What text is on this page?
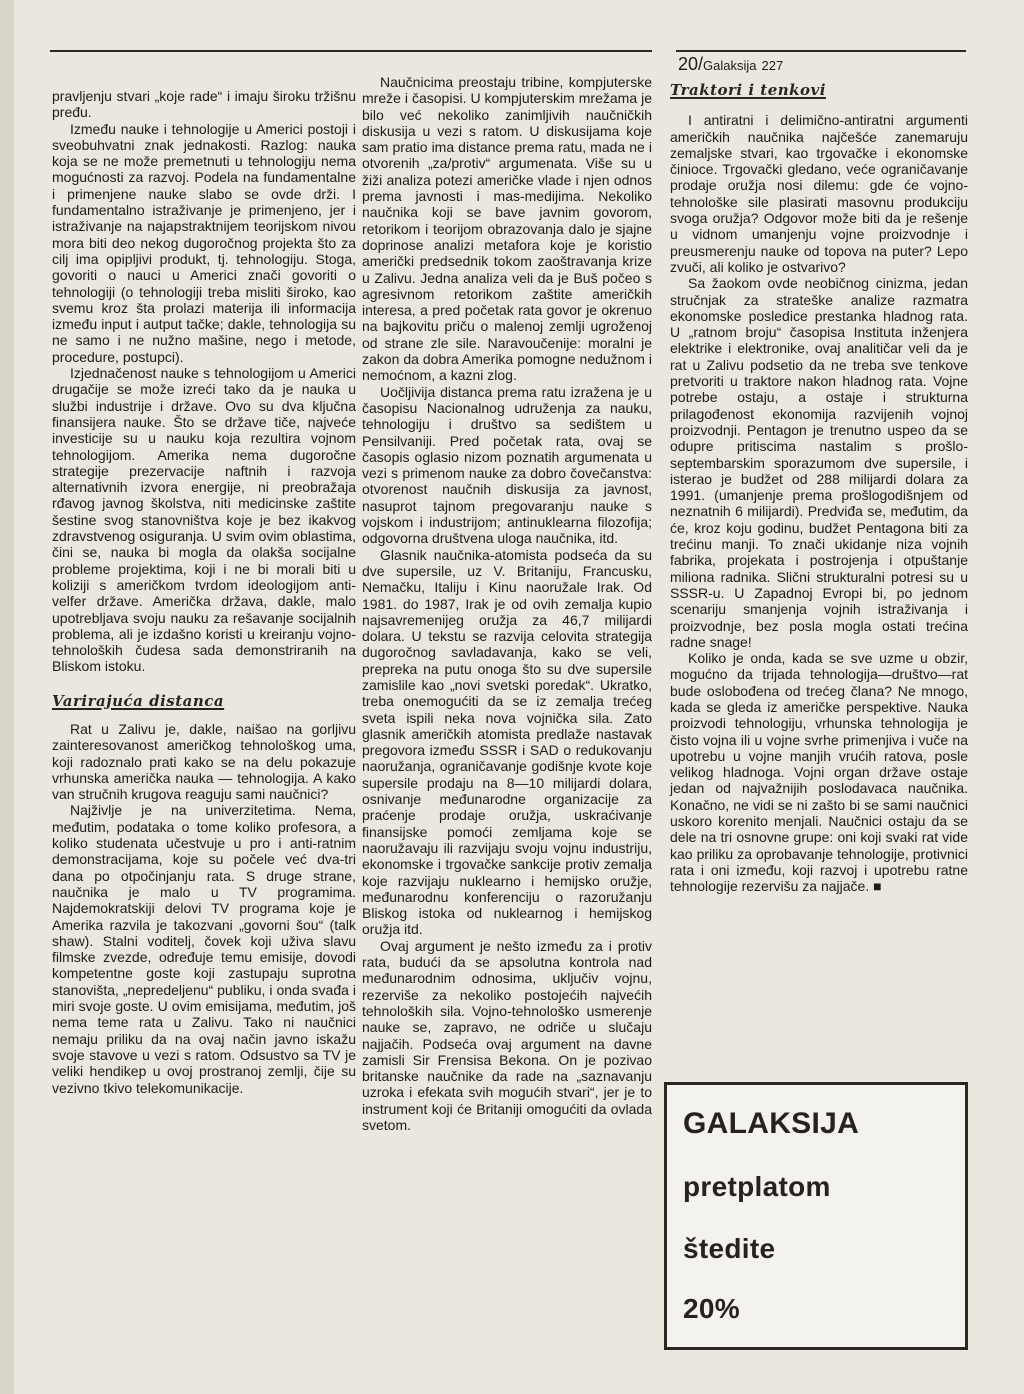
20/Galaksija 227

pravljenju stvari „koje rade“ i imaju široku tržišnu pređu.

Između nauke i tehnologije u Americi postoji i sveobuhvatni znak jednakosti. Razlog: nauka koja se ne može premetnuti u tehnologiju nema mogućnosti za razvoj. Podela na fundamentalne i primenjene nauke slabo se ovde drži. I fundamentalno istraživanje je primenjeno, jer i istraživanje na najapstraktnijem teorijskom nivou mora biti deo nekog dugoročnog projekta što za cilj ima opipljivi produkt, tj. tehnologiju. Stoga, govoriti o nauci u Americi znači govoriti o tehnologiji (o tehnologiji treba misliti široko, kao svemu kroz šta prolazi materija ili informacija između input i autput tačke; dakle, tehnologija su ne samo i ne nužno mašine, nego i metode, procedure, postupci).

Izjednačenost nauke s tehnologijom u Americi drugačije se može izreći tako da je nauka u službi industrije i države. Ovo su dva ključna finansijera nauke. Što se države tiče, najveće investicije su u nauku koja rezultira vojnom tehnologijom. Amerika nema dugoročne strategije prezervacije naftnih i razvoja alternativnih izvora energije, ni preobražaja rđavog javnog školstva, niti medicinske zaštite šestine svog stanovništva koje je bez ikakvog zdravstvenog osiguranja. U svim ovim oblastima, čini se, nauka bi mogla da olakša socijalne probleme projektima, koji i ne bi morali biti u koliziji s američkom tvrdom ideologijom anti-velfer države. Američka država, dakle, malo upotrebljava svoju nauku za rešavanje socijalnih problema, ali je izdašno koristi u kreiranju vojno-tehnoloških čudesa sada demonstriranih na Bliskom istoku.

Varirajuća distanca

Rat u Zalivu je, dakle, naišao na gorljivu zainteresovanost američkog tehnološkog uma, koji radoznalo prati kako se na delu pokazuje vrhunska američka nauka — tehnologija. A kako van stručnih krugova reaguju sami naučnici?

Najživlje je na univerzitetima. Nema, međutim, podataka o tome koliko profesora, a koliko studenata učestvuje u pro i anti-ratnim demonstracijama, koje su počele već dva-tri dana po otpočinjanju rata. S druge strane, naučnika je malo u TV programima. Najdemokratskiji delovi TV programa koje je Amerika razvila je takozvani „govorni šou“ (talk shaw). Stalni voditelj, čovek koji uživa slavu filmske zvezde, određuje temu emisije, dovodi kompetentne goste koji zastupaju suprotna stanovišta, „nepredeljenu“ publiku, i onda svađa i miri svoje goste. U ovim emisijama, međutim, još nema teme rata u Zalivu. Tako ni naučnici nemaju priliku da na ovaj način javno iskažu svoje stavove u vezi s ratom. Odsustvo sa TV je veliki hendikep u ovoj prostranoj zemlji, čije su vezivno tkivo telekomunikacije.

Naučnicima preostaju tribine, kompjuterske mreže i časopisi. U kompjuterskim mrežama je bilo već nekoliko zanimljivih naučničkih diskusija u vezi s ratom. U diskusijama koje sam pratio ima distance prema ratu, mada ne i otvorenih „za/protiv“ argumenata. Više su u žiži analiza potezi američke vlade i njen odnos prema javnosti i mas-medijima. Nekoliko naučnika koji se bave javnim govorom, retorikom i teorijom obrazovanja dalo je sjajne doprinose analizi metafora koje je koristio američki predsednik tokom zaoštravanja krize u Zalivu. Jedna analiza veli da je Buš počeo s agresivnom retorikom zaštite američkih interesa, a pred početak rata govor je okrenuo na bajkovitu priču o malenoj zemlji ugroženoj od strane zle sile. Naravoučenije: moralni je zakon da dobra Amerika pomogne nedužnom i nemoćnom, a kazni zlog.

Uočljivija distanca prema ratu izražena je u časopisu Nacionalnog udruženja za nauku, tehnologiju i društvo sa sedištem u Pensilvaniji. Pred početak rata, ovaj se časopis oglasio nizom poznatih argumenata u vezi s primenom nauke za dobro čovečanstva: otvorenost naučnih diskusija za javnost, nasuprot tajnom pregovaranju nauke s vojskom i industrijom; antinuklearna filozofija; odgovorna društvena uloga naučnika, itd.

Glasnik naučnika-atomista podseća da su dve supersile, uz V. Britaniju, Francusku, Nemačku, Italiju i Kinu naoružale Irak. Od 1981. do 1987, Irak je od ovih zemalja kupio najsavremenijeg oružja za 46,7 milijardi dolara. U tekstu se razvija celovita strategija dugoročnog savladavanja, kako se veli, prepreka na putu onoga što su dve supersile zamislile kao „novi svetski poredak“. Ukratko, treba onemogućiti da se iz zemalja trećeg sveta ispili neka nova vojnička sila. Zato glasnik američkih atomista predlaže nastavak pregovora između SSSR i SAD o redukovanju naoružanja, ograničavanje godišnje kvote koje supersile prodaju na 8—10 milijardi dolara, osnivanje međunarodne organizacije za praćenje prodaje oružja, uskraćivanje finansijske pomoći zemljama koje se naoružavaju ili razvijaju svoju vojnu industriju, ekonomske i trgovačke sankcije protiv zemalja koje razvijaju nuklearno i hemijsko oružje, međunarodnu konferenciju o razoružanju Bliskog istoka od nuklearnog i hemijskog oružja itd.

Ovaj argument je nešto između za i protiv rata, budući da se apsolutna kontrola nad međunarodnim odnosima, uključiv vojnu, rezerviše za nekoliko postojećih najvećih tehnoloških sila. Vojno-tehnološko usmerenje nauke se, zapravo, ne odriče u slučaju najjačih. Podseća ovaj argument na davne zamisli Sir Frensisa Bekona. On je pozivao britanske naučnike da rade na „saznavanju uzroka i efekata svih mogućih stvari“, jer je to instrument koji će Britaniji omogućiti da ovlada svetom.

Traktori i tenkovi

I antiratni i delimično-antiratni argumenti američkih naučnika najčešće zanemaruju zemaljske stvari, kao trgovačke i ekonomske činioce. Trgovački gledano, veće ograničavanje prodaje oružja nosi dilemu: gde će vojno-tehnološke sile plasirati masovnu produkciju svoga oružja? Odgovor može biti da je rešenje u vidnom umanjenju vojne proizvodnje i preusmerenju nauke od topova na puter? Lepo zvuči, ali koliko je ostvarivo?

Sa žaokom ovde neobičnog cinizma, jedan stručnjak za strateške analize razmatra ekonomske posledice prestanka hladnog rata. U „ratnom broju“ časopisa Instituta inženjera elektrike i elektronike, ovaj analitičar veli da je rat u Zalivu podsetio da ne treba sve tenkove pretvoriti u traktore nakon hladnog rata. Vojne potrebe ostaju, a ostaje i strukturna prilagođenost ekonomija razvijenih vojnoj proizvodnji. Pentagon je trenutno uspeo da se odupre pritiscima nastalim s prošlo-septembarskim sporazumom dve supersile, i isterao je budžet od 288 milijardi dolara za 1991. (umanjenje prema prošlogodišnjem od neznatnih 6 milijardi). Predviđa se, međutim, da će, kroz koju godinu, budžet Pentagona biti za trećinu manji. To znači ukidanje niza vojnih fabrika, projekata i postrojenja i otpuštanje miliona radnika. Slični strukturalni potresi su u SSSR-u. U Zapadnoj Evropi bi, po jednom scenariju smanjenja vojnih istraživanja i proizvodnje, bez posla mogla ostati trećina radne snage!

Koliko je onda, kada se sve uzme u obzir, mogućno da trijada tehnologija—društvo—rat bude oslobođena od trećeg člana? Ne mnogo, kada se gleda iz američke perspektive. Nauka proizvodi tehnologiju, vrhunska tehnologija je čisto vojna ili u vojne svrhe primenjiva i vuče na upotrebu u vojne manjih vrućih ratova, posle velikog hladnoga. Vojni organ države ostaje jedan od najvažnijih poslodavaca naučnika. Konačno, ne vidi se ni zašto bi se sami naučnici uskoro korenito menjali. Naučnici ostaju da se dele na tri osnovne grupe: oni koji svaki rat vide kao priliku za oprobavanje tehnologije, protivnici rata i oni između, koji razvoj i upotrebu ratne tehnologije rezervišu za najjače. ■

GALAKSIJA
pretplatom
štedite
20%
